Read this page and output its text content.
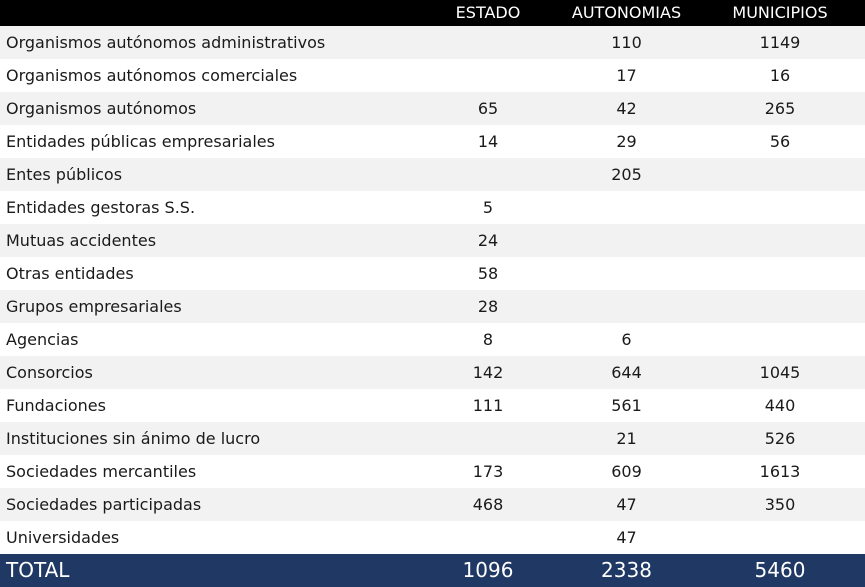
	ESTADO	AUTONOMIAS	MUNICIPIOS
Organismos autónomos administrativos		110	1149
Organismos autónomos comerciales		17	16
Organismos autónomos	65	42	265
Entidades públicas empresariales	14	29	56
Entes públicos		205	
Entidades gestoras S.S.	5		
Mutuas accidentes	24		
Otras entidades	58		
Grupos empresariales	28		
Agencias	8	6	
Consorcios	142	644	1045
Fundaciones	111	561	440
Instituciones sin ánimo de lucro		21	526
Sociedades mercantiles	173	609	1613
Sociedades participadas	468	47	350
Universidades		47	
TOTAL	1096	2338	5460
